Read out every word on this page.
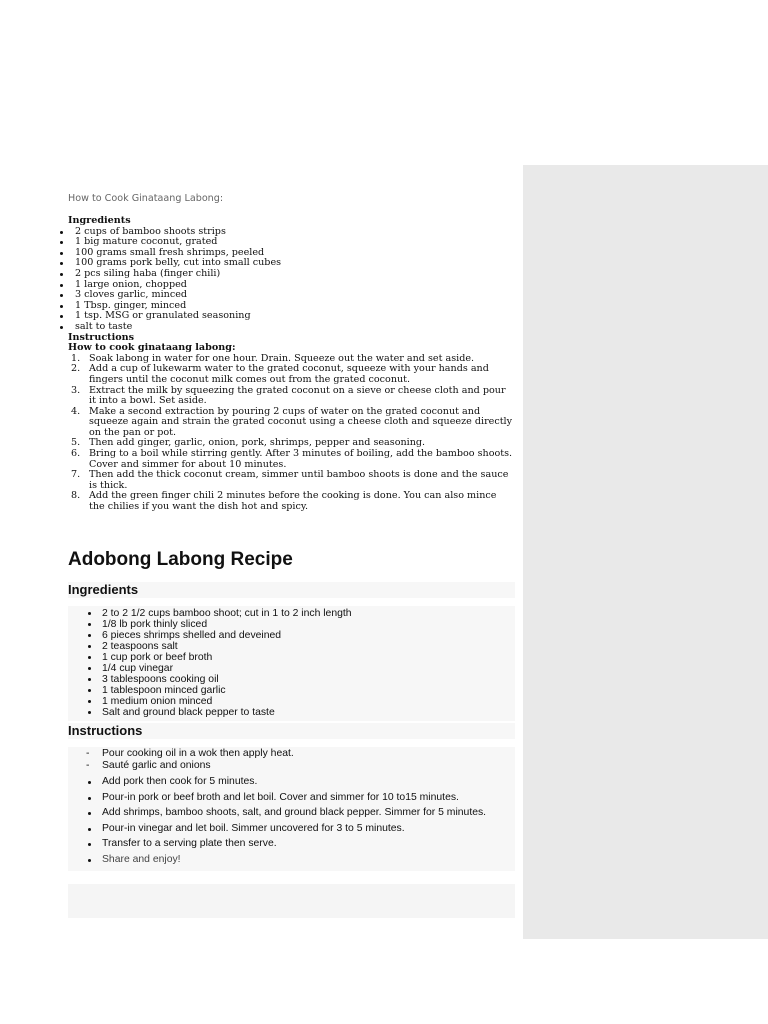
How to Cook Ginataang Labong:
Ingredients
2 cups of bamboo shoots strips
1 big mature coconut, grated
100 grams small fresh shrimps, peeled
100 grams pork belly, cut into small cubes
2 pcs siling haba (finger chili)
1 large onion, chopped
3 cloves garlic, minced
1 Tbsp. ginger, minced
1 tsp. MSG or granulated seasoning
salt to taste
Instructions
How to cook ginataang labong:
1. Soak labong in water for one hour. Drain. Squeeze out the water and set aside.
2. Add a cup of lukewarm water to the grated coconut, squeeze with your hands and fingers until the coconut milk comes out from the grated coconut.
3. Extract the milk by squeezing the grated coconut on a sieve or cheese cloth and pour it into a bowl. Set aside.
4. Make a second extraction by pouring 2 cups of water on the grated coconut and squeeze again and strain the grated coconut using a cheese cloth and squeeze directly on the pan or pot.
5. Then add ginger, garlic, onion, pork, shrimps, pepper and seasoning.
6. Bring to a boil while stirring gently. After 3 minutes of boiling, add the bamboo shoots. Cover and simmer for about 10 minutes.
7. Then add the thick coconut cream, simmer until bamboo shoots is done and the sauce is thick.
8. Add the green finger chili 2 minutes before the cooking is done. You can also mince the chilies if you want the dish hot and spicy.
Adobong Labong Recipe
Ingredients
2 to 2 1/2 cups bamboo shoot; cut in 1 to 2 inch length
1/8 lb pork thinly sliced
6 pieces shrimps shelled and deveined
2 teaspoons salt
1 cup pork or beef broth
1/4 cup vinegar
3 tablespoons cooking oil
1 tablespoon minced garlic
1 medium onion minced
Salt and ground black pepper to taste
Instructions
- Pour cooking oil in a wok then apply heat.
- Sauté garlic and onions
Add pork then cook for 5 minutes.
Pour-in pork or beef broth and let boil. Cover and simmer for 10 to15 minutes.
Add shrimps, bamboo shoots, salt, and ground black pepper. Simmer for 5 minutes.
Pour-in vinegar and let boil. Simmer uncovered for 3 to 5 minutes.
Transfer to a serving plate then serve.
Share and enjoy!
